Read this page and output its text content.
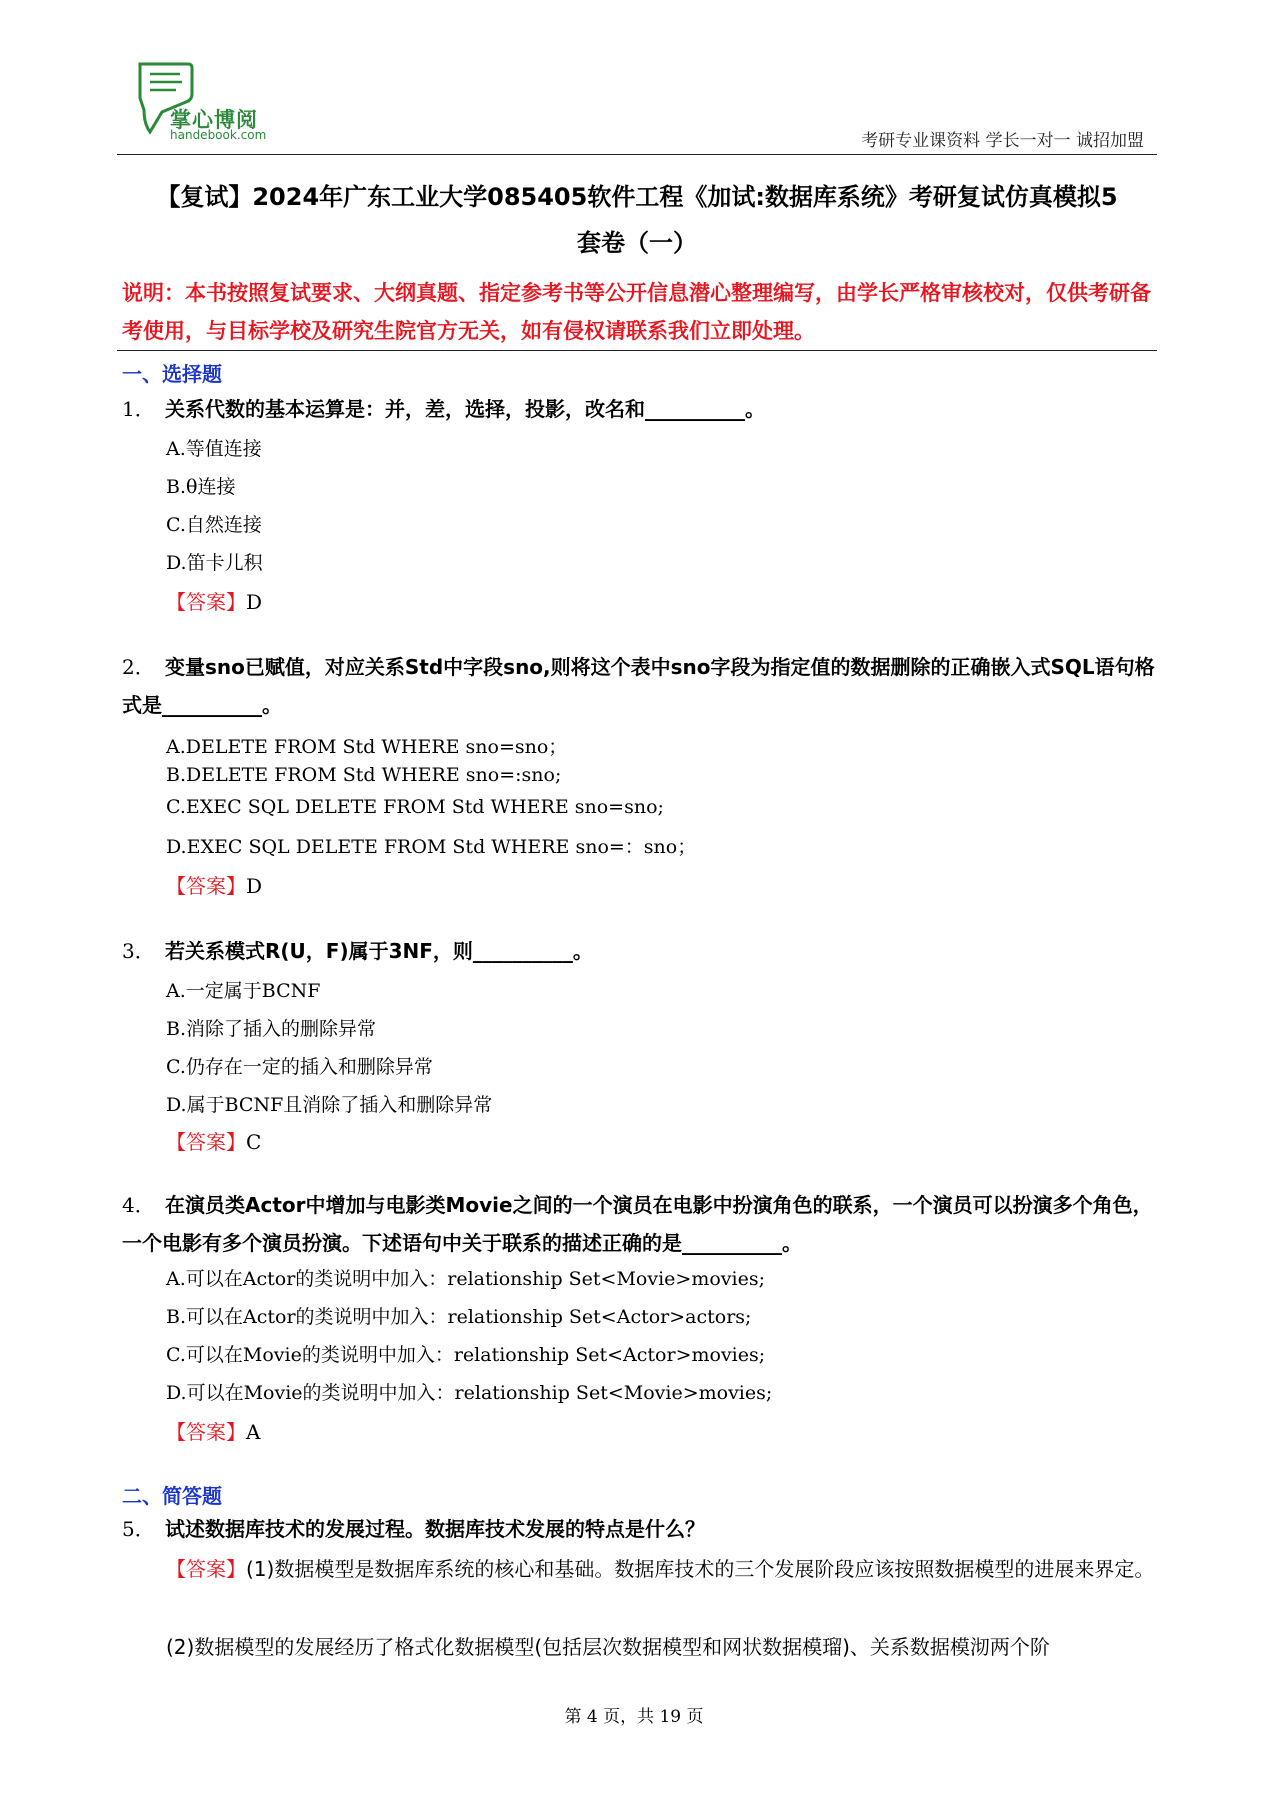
掌心博阅
handebook.com	考研专业课资料 学长一对一 诚招加盟
【复试】2024年广东工业大学085405软件工程《加试:数据库系统》考研复试仿真模拟5
套卷（一）
说明：本书按照复试要求、大纲真题、指定参考书等公开信息潜心整理编写，由学长严格审核校对，仅供考研备考使用，与目标学校及研究生院官方无关，如有侵权请联系我们立即处理。
一、选择题
1． 关系代数的基本运算是：并，差，选择，投影，改名和__________。
A.等值连接
B.θ连接
C.自然连接
D.笛卡儿积
【答案】D
2． 变量sno已赋值，对应关系Std中字段sno,则将这个表中sno字段为指定值的数据删除的正确嵌入式SQL语句格式是__________。
A.DELETE FROM Std WHERE sno=sno；
B.DELETE FROM Std WHERE sno=:sno;
C.EXEC SQL DELETE FROM Std WHERE sno=sno;
D.EXEC SQL DELETE FROM Std WHERE sno=：sno；
【答案】D
3． 若关系模式R(U，F)属于3NF，则__________。
A.一定属于BCNF
B.消除了插入的删除异常
C.仍存在一定的插入和删除异常
D.属于BCNF且消除了插入和删除异常
【答案】C
4． 在演员类Actor中增加与电影类Movie之间的一个演员在电影中扮演角色的联系，一个演员可以扮演多个角色，一个电影有多个演员扮演。下述语句中关于联系的描述正确的是__________。
A.可以在Actor的类说明中加入：relationship Set<Movie>movies;
B.可以在Actor的类说明中加入：relationship Set<Actor>actors;
C.可以在Movie的类说明中加入：relationship Set<Actor>movies;
D.可以在Movie的类说明中加入：relationship Set<Movie>movies;
【答案】A
二、简答题
5． 试述数据库技术的发展过程。数据库技术发展的特点是什么？
【答案】(1)数据模型是数据库系统的核心和基础。数据库技术的三个发展阶段应该按照数据模型的进展来界定。
(2)数据模型的发展经历了格式化数据模型(包括层次数据模型和网状数据模瑠)、关系数据模沏两个阶
第 4 页，共 19 页
